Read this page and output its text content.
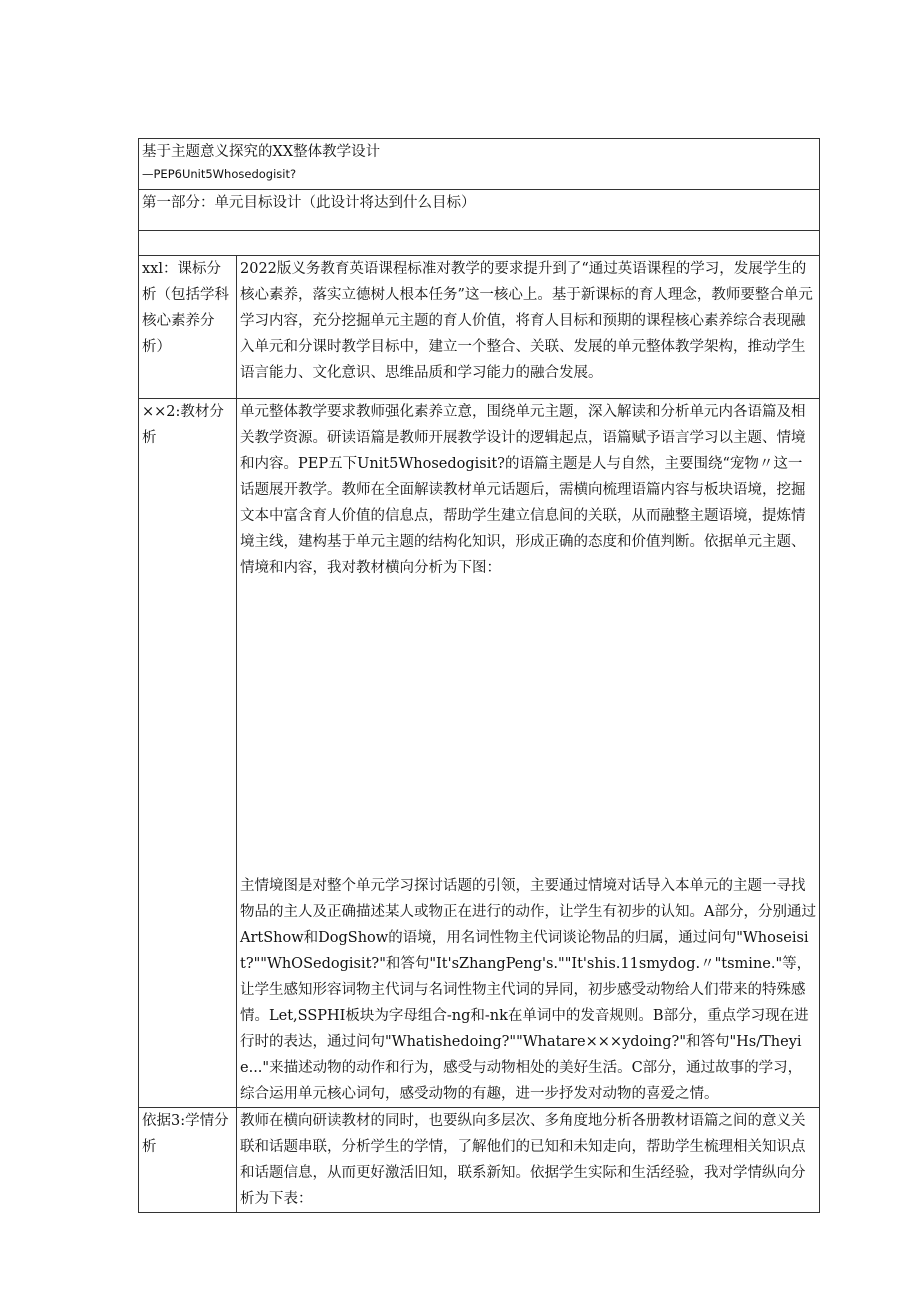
基于主题意义探究的XX整体教学设计
—PEP6Unit5Whosedogisit?	

第一部分：单元目标设计（此设计将达到什么目标）	

xxl：课标分析（包括学科核心素养分析）	2022版义务教育英语课程标准对教学的要求提升到了“通过英语课程的学习，发展学生的核心素养，落实立德树人根本任务”这一核心上。基于新课标的育人理念，教师要整合单元学习内容，充分挖掘单元主题的育人价值，将育人目标和预期的课程核心素养综合表现融入单元和分课时教学目标中，建立一个整合、关联、发展的单元整体教学架构，推动学生语言能力、文化意识、思维品质和学习能力的融合发展。
××2:教材分析	单元整体教学要求教师强化素养立意，围绕单元主题，深入解读和分析单元内各语篇及相关教学资源。研读语篇是教师开展教学设计的逻辑起点，语篇赋予语言学习以主题、情境和内容。PEP五下Unit5Whosedogisit?的语篇主题是人与自然，主要围绕“宠物〃这一话题展开教学。教师在全面解读教材单元话题后，需横向梳理语篇内容与板块语境，挖掘文本中富含育人价值的信息点，帮助学生建立信息间的关联，从而融整主题语境，提炼情境主线，建构基于单元主题的结构化知识，形成正确的态度和价值判断。依据单元主题、情境和内容，我对教材横向分析为下图：
主情境图是对整个单元学习探讨话题的引领，主要通过情境对话导入本单元的主题一寻找物品的主人及正确描述某人或物正在进行的动作，让学生有初步的认知。A部分，分别通过ArtShow和DogShow的语境，用名词性物主代词谈论物品的归属，通过问句"Whoseisit?""WhOSedogisit?"和答句"It'sZhangPeng's.""It'shis.11smydog.〃"tsmine."等，让学生感知形容词物主代词与名词性物主代词的异同，初步感受动物给人们带来的特殊感情。Let,SSPHI板块为字母组合-ng和-nk在单词中的发音规则。B部分，重点学习现在进行时的表达，通过问句"Whatishedoing?""Whatare×××ydoing?"和答句"Hs/Theyie..."来描述动物的动作和行为，感受与动物相处的美好生活。C部分，通过故事的学习，综合运用单元核心词句，感受动物的有趣，进一步抒发对动物的喜爱之情。

依据3:学情分析	教师在横向研读教材的同时，也要纵向多层次、多角度地分析各册教材语篇之间的意义关联和话题串联，分析学生的学情，了解他们的已知和未知走向，帮助学生梳理相关知识点和话题信息，从而更好激活旧知，联系新知。依据学生实际和生活经验，我对学情纵向分析为下表：
